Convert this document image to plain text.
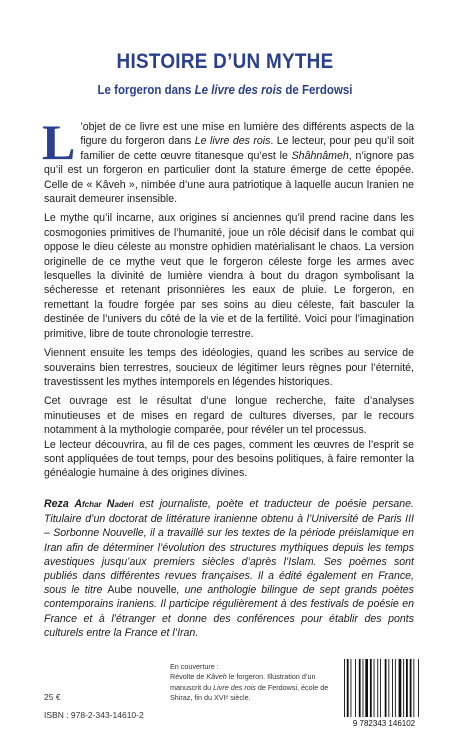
HISTOIRE D’UN MYTHE
Le forgeron dans Le livre des rois de Ferdowsi

L ’objet de ce livre est une mise en lumière des différents aspects de la figure du forgeron dans Le livre des rois. Le lecteur, pour peu qu’il soit familier de cette œuvre titanesque qu’est le Shâhnâmeh, n’ignore pas qu’il est un forgeron en particulier dont la stature émerge de cette épopée. Celle de « Kâveh », nimbée d’une aura patriotique à laquelle aucun Iranien ne saurait demeurer insensible.

Le mythe qu’il incarne, aux origines si anciennes qu’il prend racine dans les cosmogonies primitives de l’humanité, joue un rôle décisif dans le combat qui oppose le dieu céleste au monstre ophidien matérialisant le chaos. La version originelle de ce mythe veut que le forgeron céleste forge les armes avec lesquelles la divinité de lumière viendra à bout du dragon symbolisant la sécheresse et retenant prisonnières les eaux de pluie. Le forgeron, en remettant la foudre forgée par ses soins au dieu céleste, fait basculer la destinée de l’univers du côté de la vie et de la fertilité. Voici pour l’imagination primitive, libre de toute chronologie terrestre.

Viennent ensuite les temps des idéologies, quand les scribes au service de souverains bien terrestres, soucieux de légitimer leurs règnes pour l’éternité, travestissent les mythes intemporels en légendes historiques.

Cet ouvrage est le résultat d’une longue recherche, faite d’analyses minutieuses et de mises en regard de cultures diverses, par le recours notamment à la mythologie comparée, pour révéler un tel processus.

Le lecteur découvrira, au fil de ces pages, comment les œuvres de l’esprit se sont appliquées de tout temps, pour des besoins politiques, à faire remonter la généalogie humaine à des origines divines.

Reza Afchar Naderi est journaliste, poète et traducteur de poésie persane. Titulaire d’un doctorat de littérature iranienne obtenu à l’Université de Paris III – Sorbonne Nouvelle, il a travaillé sur les textes de la période préislamique en Iran afin de déterminer l’évolution des structures mythiques depuis les temps avestiques jusqu’aux premiers siècles d’après l’Islam. Ses poèmes sont publiés dans différentes revues françaises. Il a édité également en France, sous le titre Aube nouvelle, une anthologie bilingue de sept grands poètes contemporains iraniens. Il participe régulièrement à des festivals de poésie en France et à l’étranger et donne des conférences pour établir des ponts culturels entre la France et l’Iran.
25 €
ISBN : 978-2-343-14610-2
En couverture :
Révolte de Kâveh le forgeron. Illustration d’un
manuscrit du Livre des rois de Ferdowsi, école de
Shiraz, fin du XVIᵉ siècle.
9 782343 146102
